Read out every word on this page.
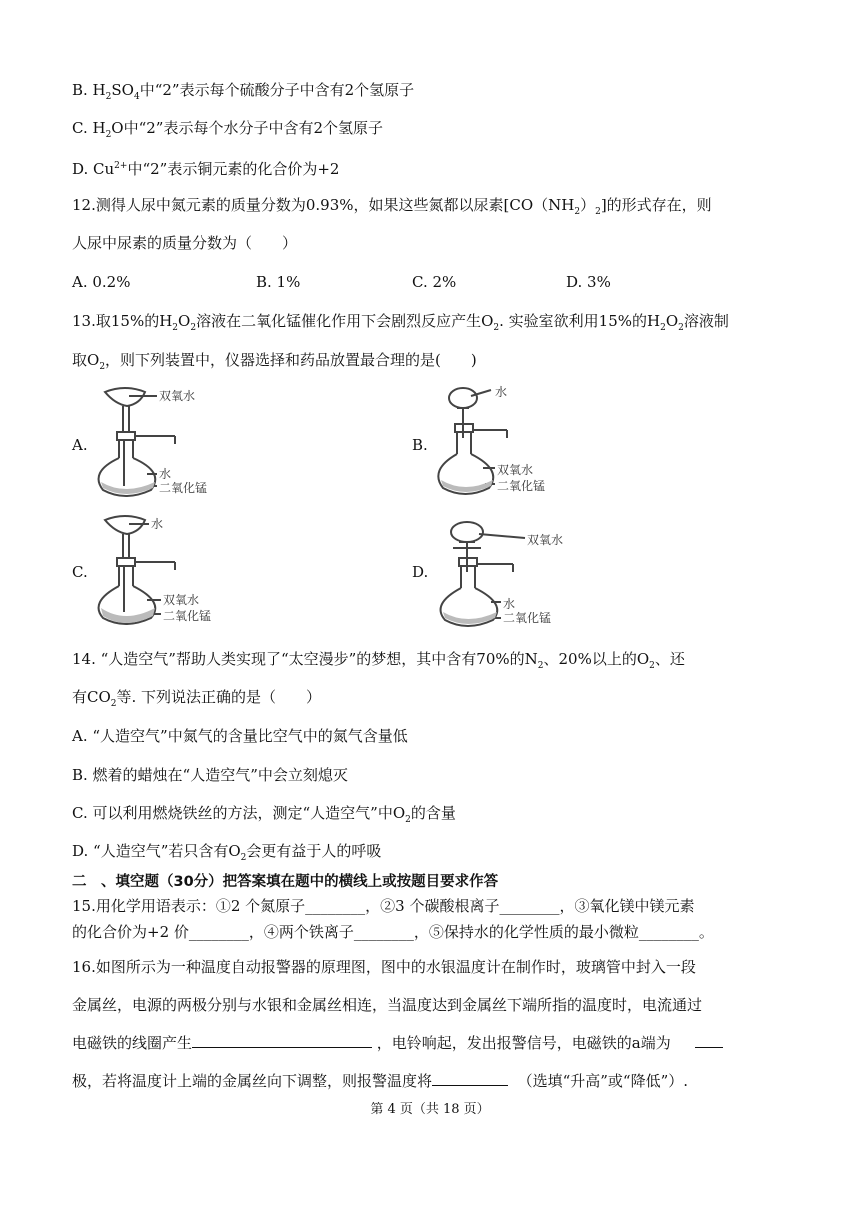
B. $H_2SO_4$中“2”表示每个硫酸分子中含有2个氢原子
C. $H_2O$中“2”表示每个水分子中含有2个氢原子
D. $Cu^{2+}$中“2”表示铜元素的化合价为+2
12.测得人尿中氮元素的质量分数为0.93%，如果这些氮都以尿素$[CO(NH_2)_2]$的形式存在，则
人尿中尿素的质量分数为（　　）
A. 0.2%	B. 1%	C. 2%	D. 3%
13.取15%的$H_2O_2$溶液在二氧化锰催化作用下会剧烈反应产生$O_2$. 实验室欲利用15%的$H_2O_2$溶液制
取$O_2$，则下列装置中，仪器选择和药品放置最合理的是(　　)
A.	B.
C.	D.
双氧水
水
二氧化锰
水
双氧水
二氧化锰
水
双氧水
二氧化锰
双氧水
水
二氧化锰
14. “人造空气”帮助人类实现了“太空漫步”的梦想，其中含有70%的$N_2$、20%以上的$O_2$、还
有$CO_2$等. 下列说法正确的是（　　）
A. “人造空气”中氮气的含量比空气中的氮气含量低
B. 燃着的蜡烛在“人造空气”中会立刻熄灭
C. 可以利用燃烧铁丝的方法，测定“人造空气”中$O_2$的含量
D. “人造空气”若只含有$O_2$会更有益于人的呼吸
二　、填空题（30分）把答案填在题中的横线上或按题目要求作答
15.用化学用语表示：①2 个氮原子________，②3 个碳酸根离子________，③氧化镁中镁元素
的化合价为+2 价________，④两个铁离子________，⑤保持水的化学性质的最小微粒________。
16.如图所示为一种温度自动报警器的原理图，图中的水银温度计在制作时，玻璃管中封入一段
金属丝，电源的两极分别与水银和金属丝相连，当温度达到金属丝下端所指的温度时，电流通过
电磁铁的线圈产生	，电铃响起，发出报警信号，电磁铁的a端为
极，若将温度计上端的金属丝向下调整，则报警温度将	（选填“升高”或“降低”）.
第 4 页（共 18 页）
